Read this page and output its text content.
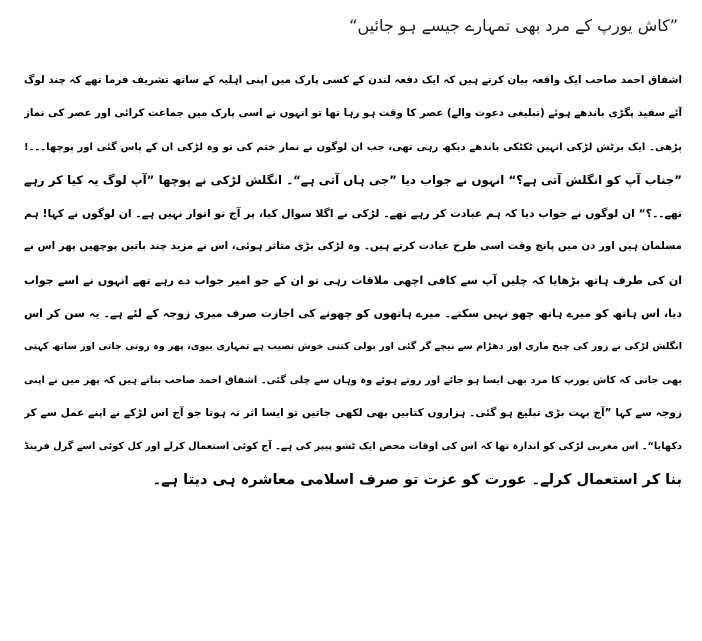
”کاش یورپ کے مرد بھی تمہارے جیسے ہو جائیں“
اشفاق احمد صاحب ایک واقعہ بیان کرتے ہیں کہ ایک دفعہ لندن کے کسی پارک میں اپنی اہلیہ کے ساتھ تشریف فرما تھے کہ چند لوگ
آئے سفید پگڑی باندھے ہوئے (تبلیغی دعوت والے) عصر کا وقت ہو رہا تھا تو انہوں نے اسی پارک میں جماعت کرائی اور عصر کی نماز
پڑھی۔ ایک برٹش لڑکی انہیں ٹکٹکی باندھے دیکھ رہی تھی، جب ان لوگوں نے نماز ختم کی تو وہ لڑکی ان کے پاس گئی اور پوچھا۔۔۔!
”جناب آپ کو انگلش آتی ہے؟“ انہوں نے جواب دیا ”جی ہاں آتی ہے“۔ انگلش لڑکی نے پوچھا ”آپ لوگ یہ کیا کر رہے
تھے۔۔؟“ ان لوگوں نے جواب دیا کہ ہم عبادت کر رہے تھے۔ لڑکی نے اگلا سوال کیا، پر آج تو اتوار نہیں ہے۔ ان لوگوں نے کہا! ہم
مسلمان ہیں اور دن میں پانچ وقت اسی طرح عبادت کرتے ہیں۔ وہ لڑکی بڑی متاثر ہوئی، اس نے مزید چند باتیں پوچھیں پھر اس نے
ان کی طرف ہاتھ بڑھایا کہ چلیں آپ سے کافی اچھی ملاقات رہی تو ان کے جو امیر جواب دے رہے تھے انہوں نے اسے جواب
دیا، اس ہاتھ کو میرے ہاتھ چھو نہیں سکتے۔ میرے ہاتھوں کو چھونے کی اجازت صرف میری زوجہ کے لئے ہے۔ یہ سن کر اس
انگلش لڑکی نے زور کی چیخ ماری اور دھڑام سے نیچے گر گئی اور بولی کتنی خوش نصیب ہے تمہاری بیوی، پھر وہ روتی جاتی اور ساتھ کہتی
بھی جاتی کہ کاش یورپ کا مرد بھی ایسا ہو جائے اور روتے ہوئے وہ وہاں سے چلی گئی۔ اشفاق احمد صاحب بتاتے ہیں کہ پھر میں نے اپنی
زوجہ سے کہا ”آج بہت بڑی تبلیغ ہو گئی۔ ہزاروں کتابیں بھی لکھی جاتیں تو ایسا اثر نہ ہوتا جو آج اس لڑکے نے اپنے عمل سے کر
دکھایا“۔ اس مغربی لڑکی کو اندازہ تھا کہ اس کی اوقات محض ایک ٹشو پیپر کی ہے۔ آج کوئی استعمال کرلے اور کل کوئی اسے گرل فرینڈ
بنا کر استعمال کرلے۔ عورت کو عزت تو صرف اسلامی معاشرہ ہی دیتا ہے۔
